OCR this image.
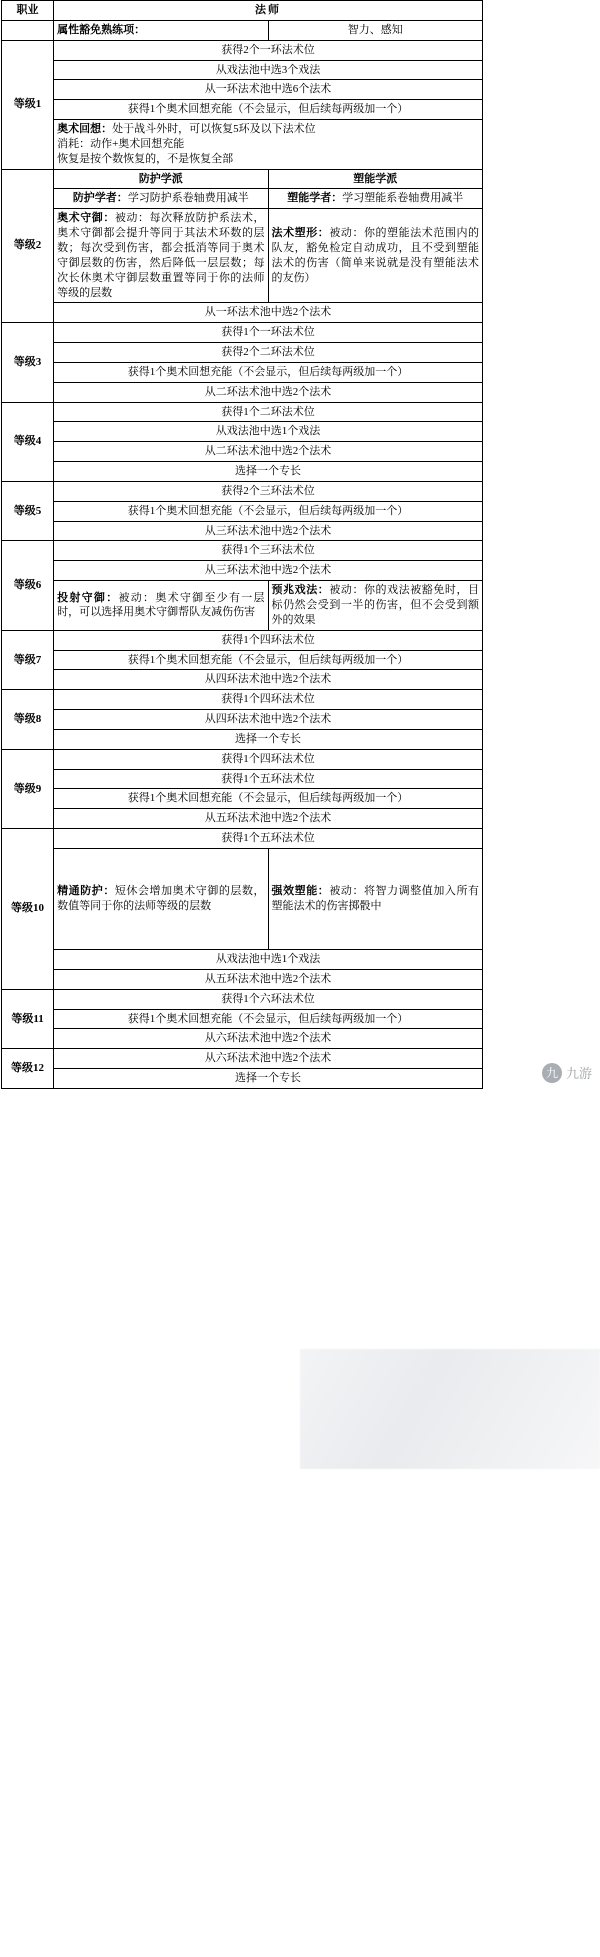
职业	法师	
	属性豁免熟练项：	智力、感知
等级1	获得2个一环法术位	
	从戏法池中选3个戏法	
	从一环法术池中选6个法术	
	获得1个奥术回想充能（不会显示，但后续每两级加一个）	

	奥术回想：处于战斗外时，可以恢复5环及以下法术位
消耗：动作+奥术回想充能
恢复是按个数恢复的，不是恢复全部	

等级2	防护学派	塑能学派
	防护学者：学习防护系卷轴费用减半	塑能学者：学习塑能系卷轴费用减半
	奥术守御：被动：每次释放防护系法术，奥术守御都会提升等同于其法术环数的层数；每次受到伤害，都会抵消等同于奥术守御层数的伤害，然后降低一层层数；每次长休奥术守御层数重置等同于你的法师等级的层数	法术塑形：被动：你的塑能法术范围内的队友，豁免检定自动成功，且不受到塑能法术的伤害（简单来说就是没有塑能法术的友伤）
	从一环法术池中选2个法术	
等级3	获得1个一环法术位	
	获得2个二环法术位	
	获得1个奥术回想充能（不会显示，但后续每两级加一个）	
	从二环法术池中选2个法术	
等级4	获得1个二环法术位	
	从戏法池中选1个戏法	
	从二环法术池中选2个法术	
	选择一个专长	
等级5	获得2个三环法术位	
	获得1个奥术回想充能（不会显示，但后续每两级加一个）	
	从三环法术池中选2个法术	
等级6	获得1个三环法术位	
	从三环法术池中选2个法术	
	投射守御：被动：奥术守御至少有一层时，可以选择用奥术守御帮队友减伤伤害	预兆戏法：被动：你的戏法被豁免时，目标仍然会受到一半的伤害，但不会受到额外的效果
等级7	获得1个四环法术位	
	获得1个奥术回想充能（不会显示，但后续每两级加一个）	
	从四环法术池中选2个法术	
等级8	获得1个四环法术位	
	从四环法术池中选2个法术	
	选择一个专长	
等级9	获得1个四环法术位	
	获得1个五环法术位	
	获得1个奥术回想充能（不会显示，但后续每两级加一个）	
	从五环法术池中选2个法术	
等级10	获得1个五环法术位	
	精通防护：短休会增加奥术守御的层数，数值等同于你的法师等级的层数	强效塑能：被动：将智力调整值加入所有塑能法术的伤害掷骰中
	从戏法池中选1个戏法	
	从五环法术池中选2个法术	
等级11	获得1个六环法术位	
	获得1个奥术回想充能（不会显示，但后续每两级加一个）	
	从六环法术池中选2个法术	
等级12	从六环法术池中选2个法术	
	选择一个专长		九 九游
